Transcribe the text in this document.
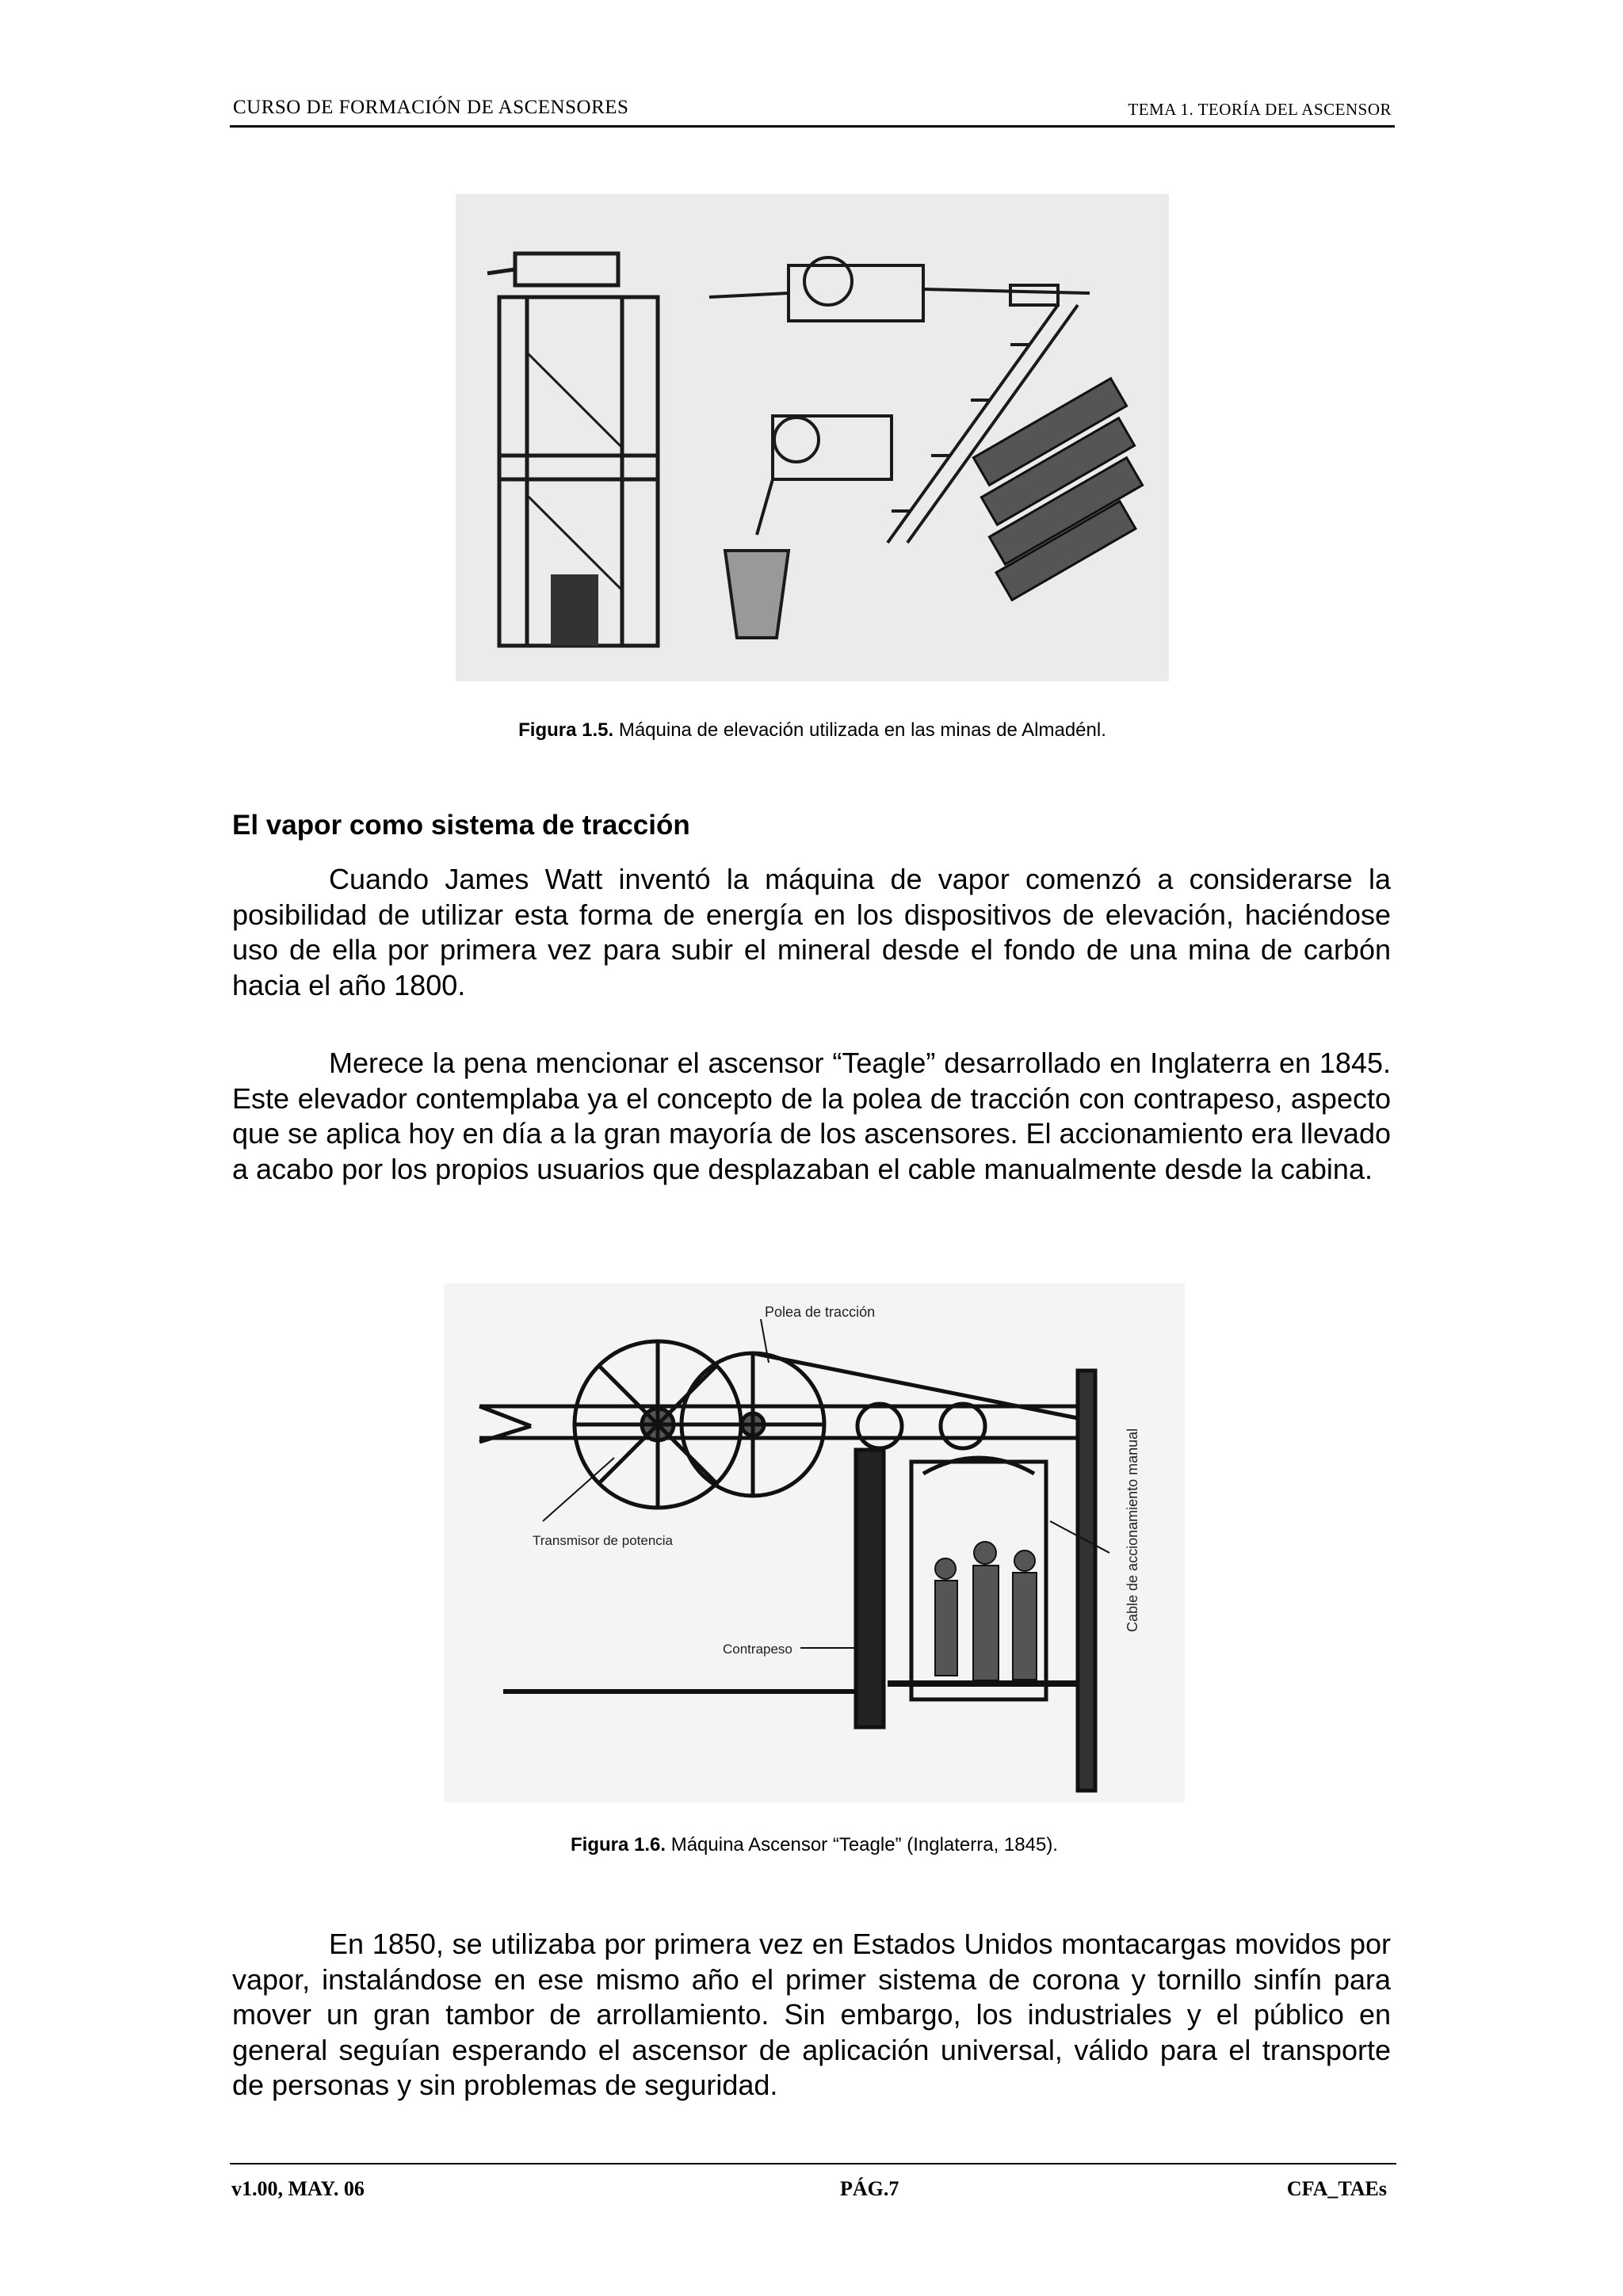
CURSO DE FORMACIÓN DE ASCENSORES	TEMA 1. TEORÍA DEL ASCENSOR
Figura 1.5. Máquina de elevación utilizada en las minas de Almadénl.
El vapor como sistema de tracción

Cuando James Watt inventó la máquina de vapor comenzó a considerarse la posibilidad de utilizar esta forma de energía en los dispositivos de elevación, haciéndose uso de ella por primera vez para subir el mineral desde el fondo de una mina de carbón hacia el año 1800.

Merece la pena mencionar el ascensor “Teagle” desarrollado en Inglaterra en 1845. Este elevador contemplaba ya el concepto de la polea de tracción con contrapeso, aspecto que se aplica hoy en día a la gran mayoría de los ascensores. El accionamiento era llevado a acabo por los propios usuarios que desplazaban el cable manualmente desde la cabina.

Polea de tracción
Transmisor de potencia
Contrapeso
Cable de accionamiento manual
Figura 1.6. Máquina Ascensor “Teagle” (Inglaterra, 1845).

En 1850, se utilizaba por primera vez en Estados Unidos montacargas movidos por vapor, instalándose en ese mismo año el primer sistema de corona y tornillo sinfín para mover un gran tambor de arrollamiento. Sin embargo, los industriales y el público en general seguían esperando el ascensor de aplicación universal, válido para el transporte de personas y sin problemas de seguridad.

v1.00, MAY. 06	PÁG.7	CFA_TAEs
